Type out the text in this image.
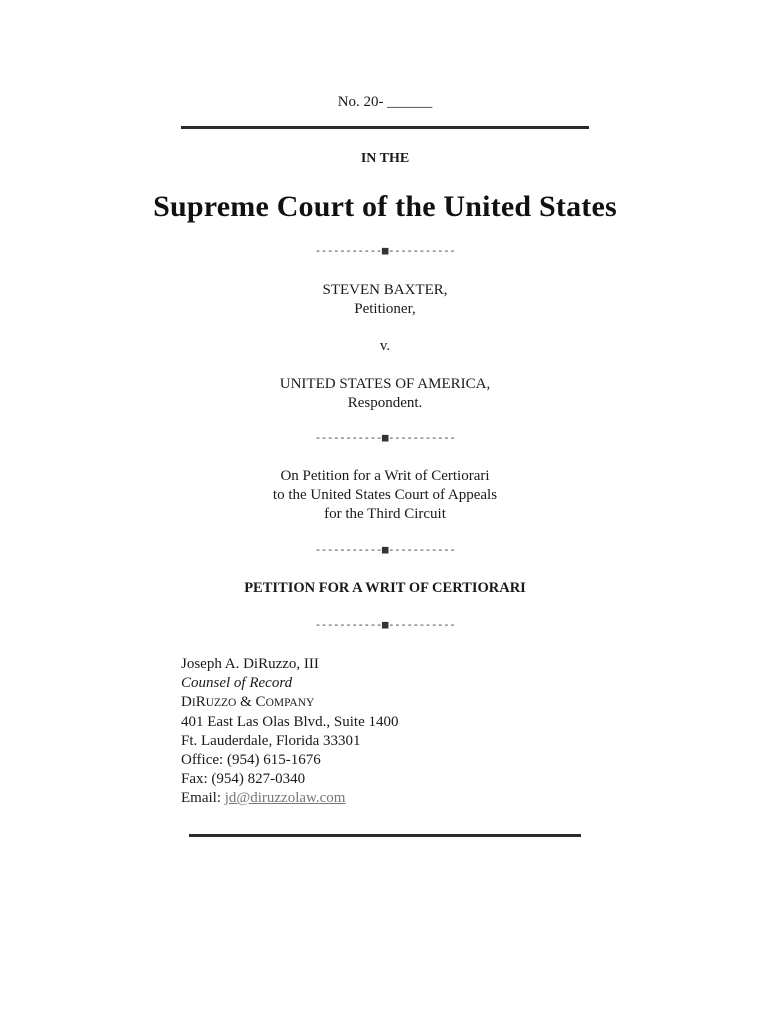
No. 20- ______
IN THE
Supreme Court of the United States
-----------■-----------
STEVEN BAXTER,
Petitioner,
v.
UNITED STATES OF AMERICA,
Respondent.
-----------■-----------
On Petition for a Writ of Certiorari
to the United States Court of Appeals
for the Third Circuit
-----------■-----------
PETITION FOR A WRIT OF CERTIORARI
-----------■-----------
Joseph A. DiRuzzo, III
Counsel of Record
DIRUZZO & COMPANY
401 East Las Olas Blvd., Suite 1400
Ft. Lauderdale, Florida 33301
Office: (954) 615-1676
Fax: (954) 827-0340
Email: jd@diruzzolaw.com
